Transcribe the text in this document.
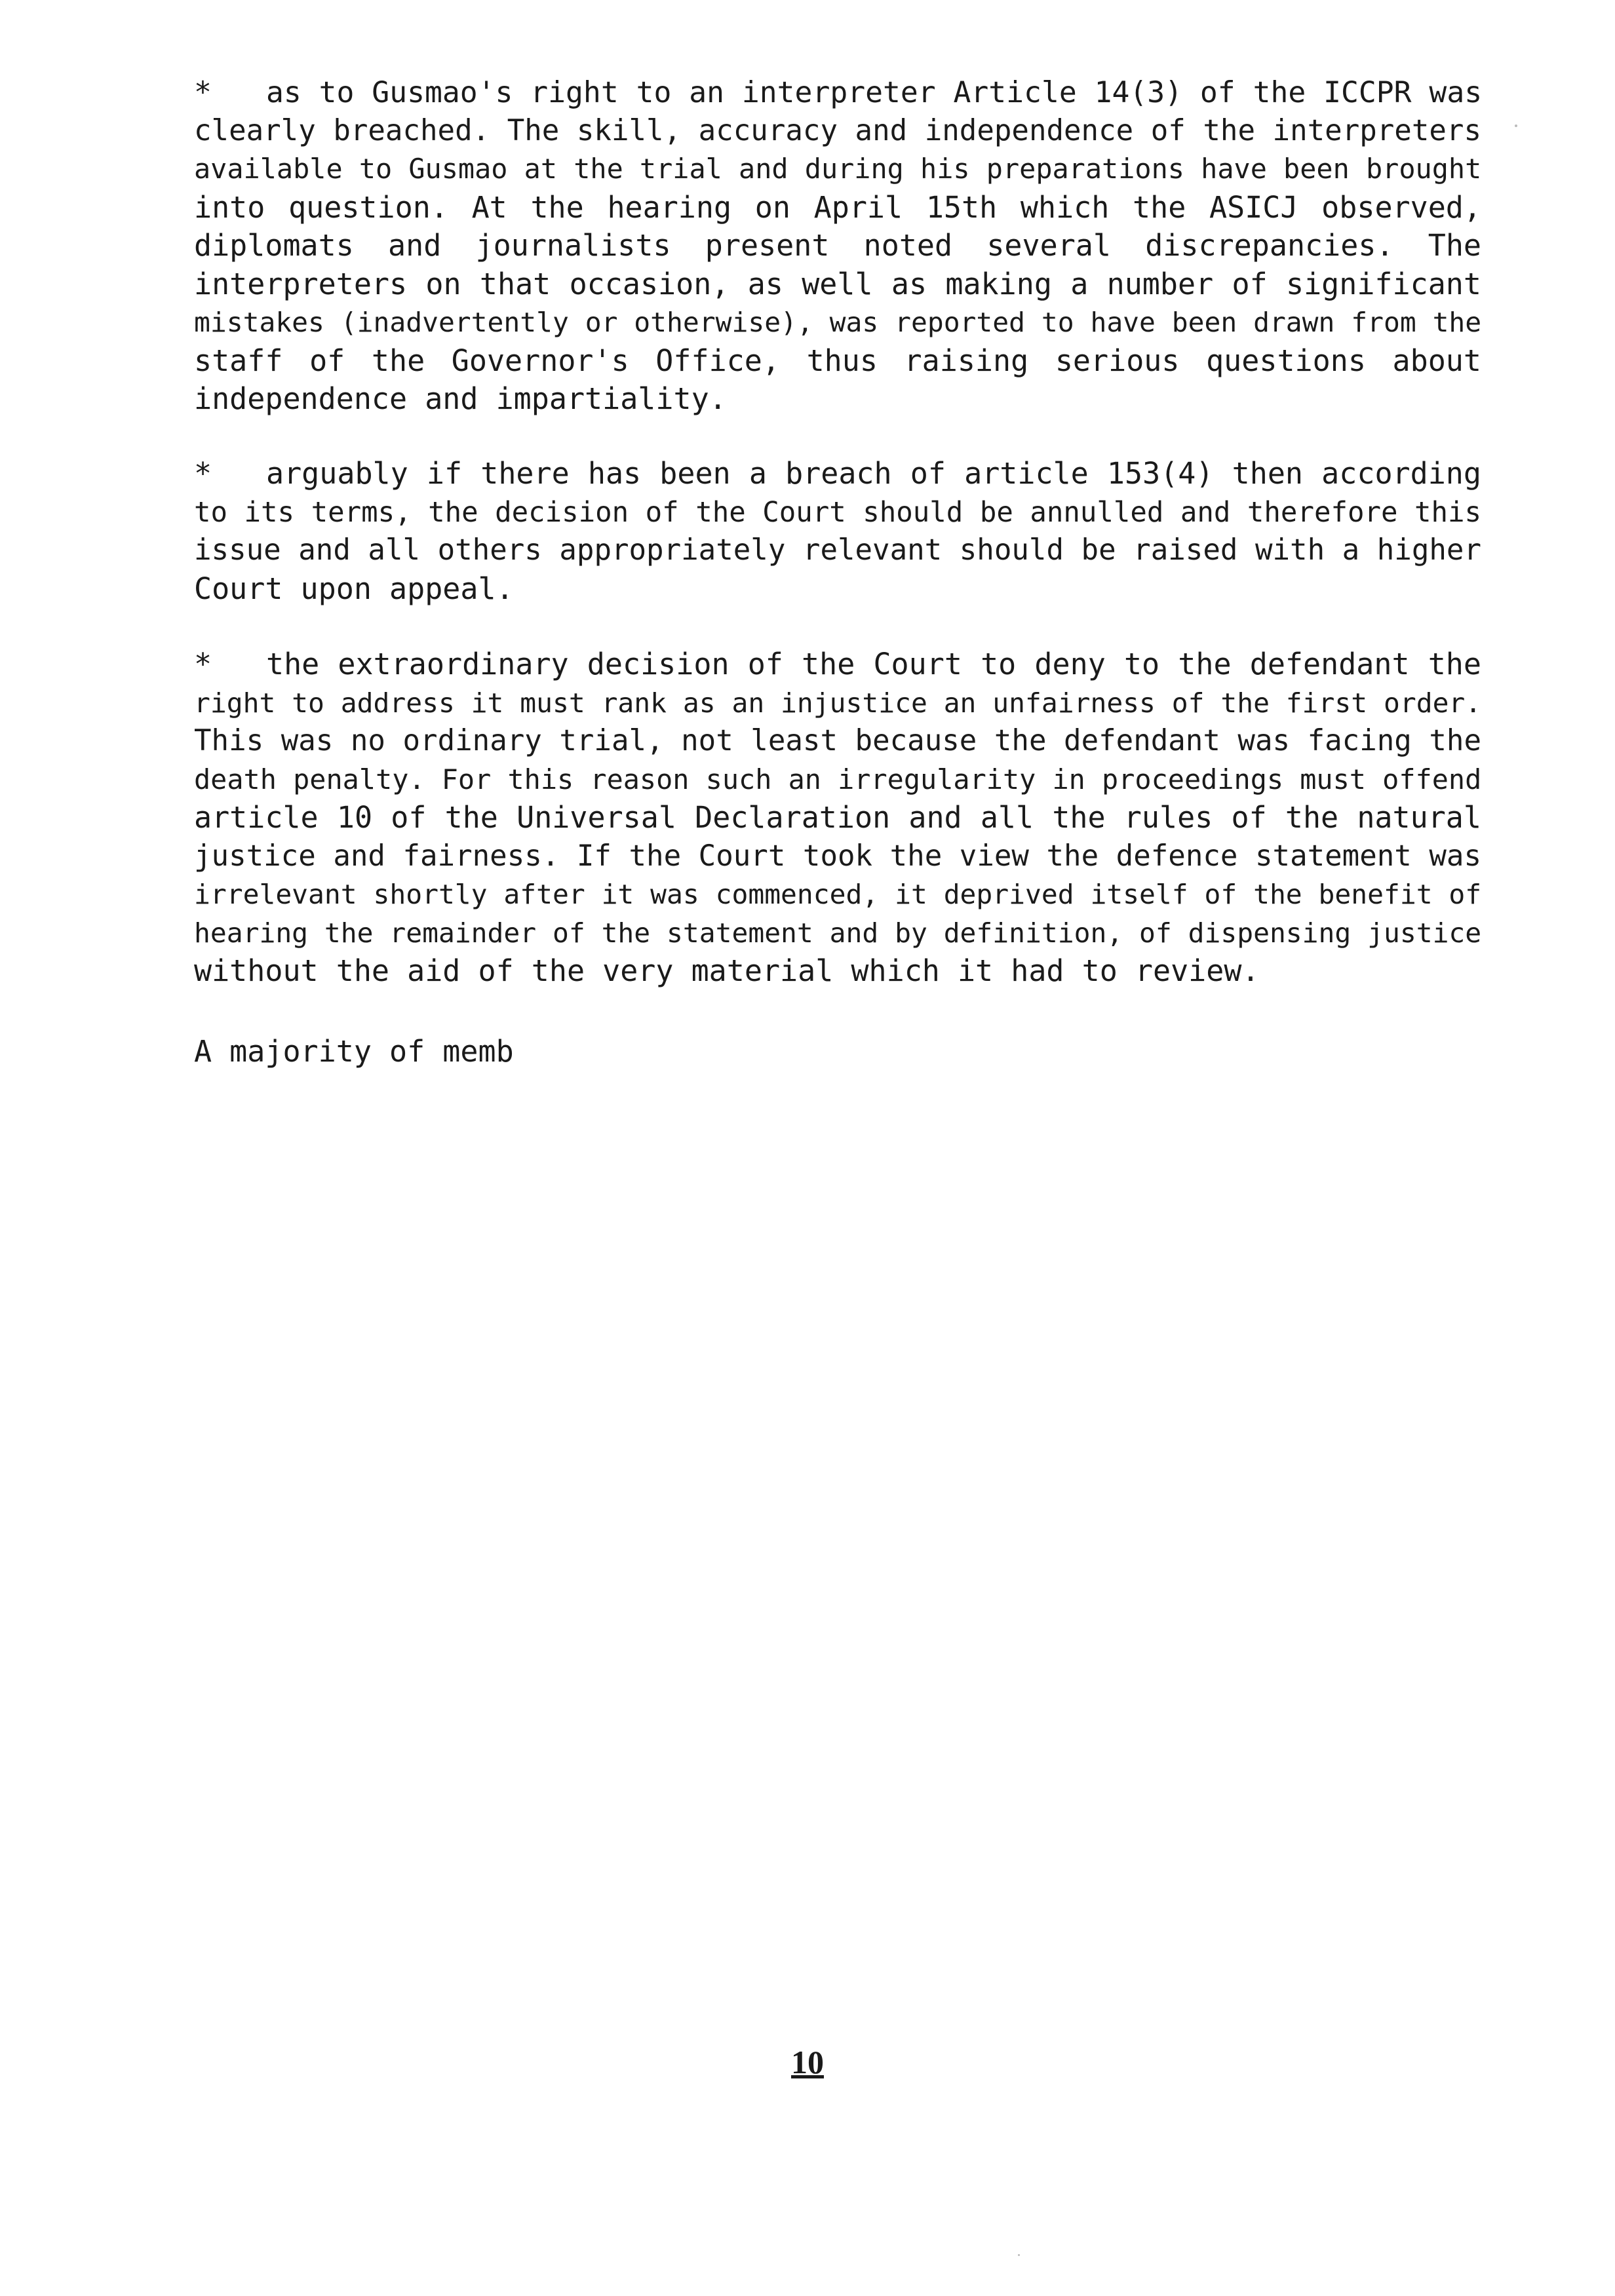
* as to Gusmao's right to an interpreter Article 14(3) of the ICCPR was
clearly breached. The skill, accuracy and independence of the interpreters
available to Gusmao at the trial and during his preparations have been brought
into question. At the hearing on April 15th which the ASICJ observed,
diplomats and journalists present noted several discrepancies. The
interpreters on that occasion, as well as making a number of significant
mistakes (inadvertently or otherwise), was reported to have been drawn from the
staff of the Governor's Office, thus raising serious questions about
independence and impartiality.
* arguably if there has been a breach of article 153(4) then according
to its terms, the decision of the Court should be annulled and therefore this
issue and all others appropriately relevant should be raised with a higher
Court upon appeal.
* the extraordinary decision of the Court to deny to the defendant the
right to address it must rank as an injustice an unfairness of the first order.
This was no ordinary trial, not least because the defendant was facing the
death penalty. For this reason such an irregularity in proceedings must offend
article 10 of the Universal Declaration and all the rules of the natural
justice and fairness. If the Court took the view the defence statement was
irrelevant shortly after it was commenced, it deprived itself of the benefit of
hearing the remainder of the statement and by definition, of dispensing justice
without the aid of the very material which it had to review.
A majority of memb
10
